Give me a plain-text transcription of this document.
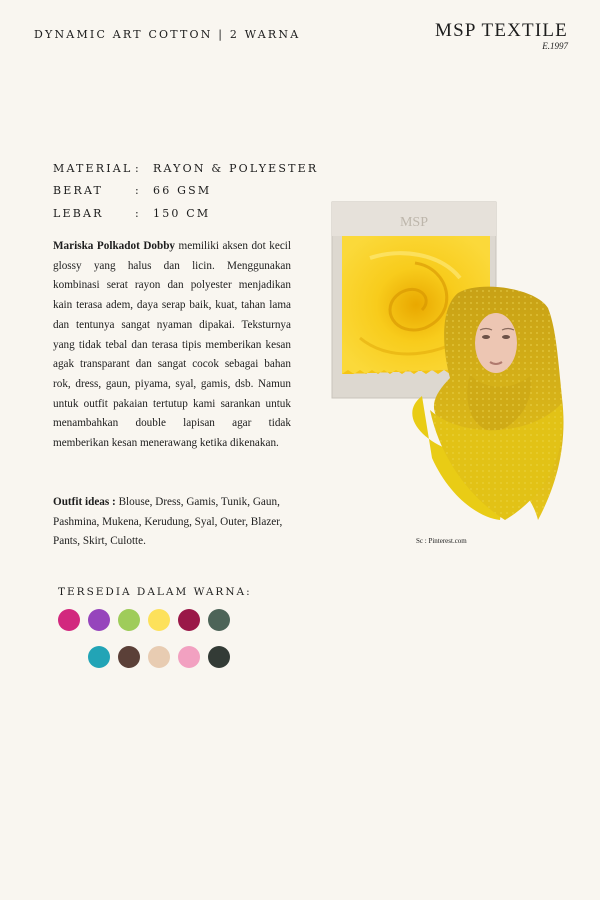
DYNAMIC ART COTTON | 2 WARNA	MSP TEXTILE
E.1997
MATERIAL :	RAYON & POLYESTER
BERAT	:	66 GSM
LEBAR	:	150 CM
Mariska Polkadot Dobby memiliki aksen dot kecil glossy yang halus dan licin. Menggunakan kombinasi serat rayon dan polyester menjadikan kain terasa adem, daya serap baik, kuat, tahan lama dan tentunya sangat nyaman dipakai. Teksturnya yang tidak tebal dan terasa tipis memberikan kesan agak transparant dan sangat cocok sebagai bahan rok, dress, gaun, piyama, syal, gamis, dsb. Namun untuk outfit pakaian tertutup kami sarankan untuk menambahkan double lapisan agar tidak memberikan kesan menerawang ketika dikenakan.
Outfit ideas : Blouse, Dress, Gamis, Tunik, Gaun, Pashmina, Mukena, Kerudung, Syal, Outer, Blazer, Pants, Skirt, Culotte.
MSP
Sc : Pinterest.com
TERSEDIA DALAM WARNA:
